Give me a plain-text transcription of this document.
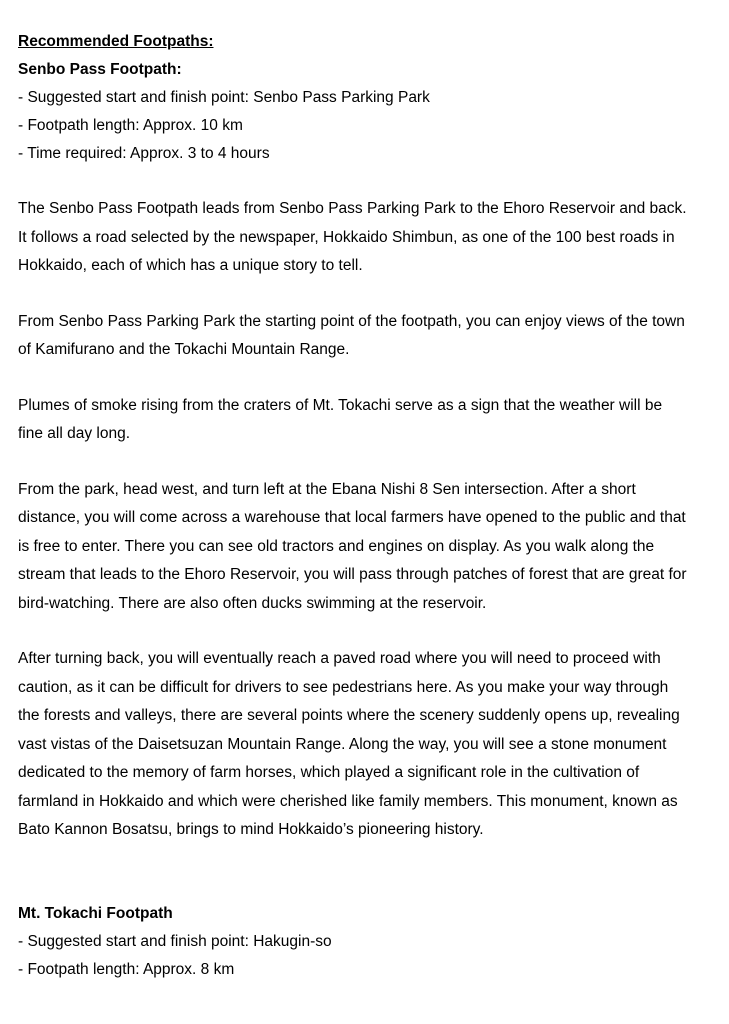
Recommended Footpaths:
Senbo Pass Footpath:

- Suggested start and finish point: Senbo Pass Parking Park

- Footpath length: Approx. 10 km

- Time required: Approx. 3 to 4 hours

The Senbo Pass Footpath leads from Senbo Pass Parking Park to the Ehoro Reservoir and back. It follows a road selected by the newspaper, Hokkaido Shimbun, as one of the 100 best roads in Hokkaido, each of which has a unique story to tell.

From Senbo Pass Parking Park the starting point of the footpath, you can enjoy views of the town of Kamifurano and the Tokachi Mountain Range.

Plumes of smoke rising from the craters of Mt. Tokachi serve as a sign that the weather will be fine all day long.

From the park, head west, and turn left at the Ebana Nishi 8 Sen intersection. After a short distance, you will come across a warehouse that local farmers have opened to the public and that is free to enter. There you can see old tractors and engines on display. As you walk along the stream that leads to the Ehoro Reservoir, you will pass through patches of forest that are great for bird-watching. There are also often ducks swimming at the reservoir.

After turning back, you will eventually reach a paved road where you will need to proceed with caution, as it can be difficult for drivers to see pedestrians here. As you make your way through the forests and valleys, there are several points where the scenery suddenly opens up, revealing vast vistas of the Daisetsuzan Mountain Range. Along the way, you will see a stone monument dedicated to the memory of farm horses, which played a significant role in the cultivation of farmland in Hokkaido and which were cherished like family members. This monument, known as Bato Kannon Bosatsu, brings to mind Hokkaido’s pioneering history.

Mt. Tokachi Footpath

- Suggested start and finish point: Hakugin-so

- Footpath length: Approx. 8 km
